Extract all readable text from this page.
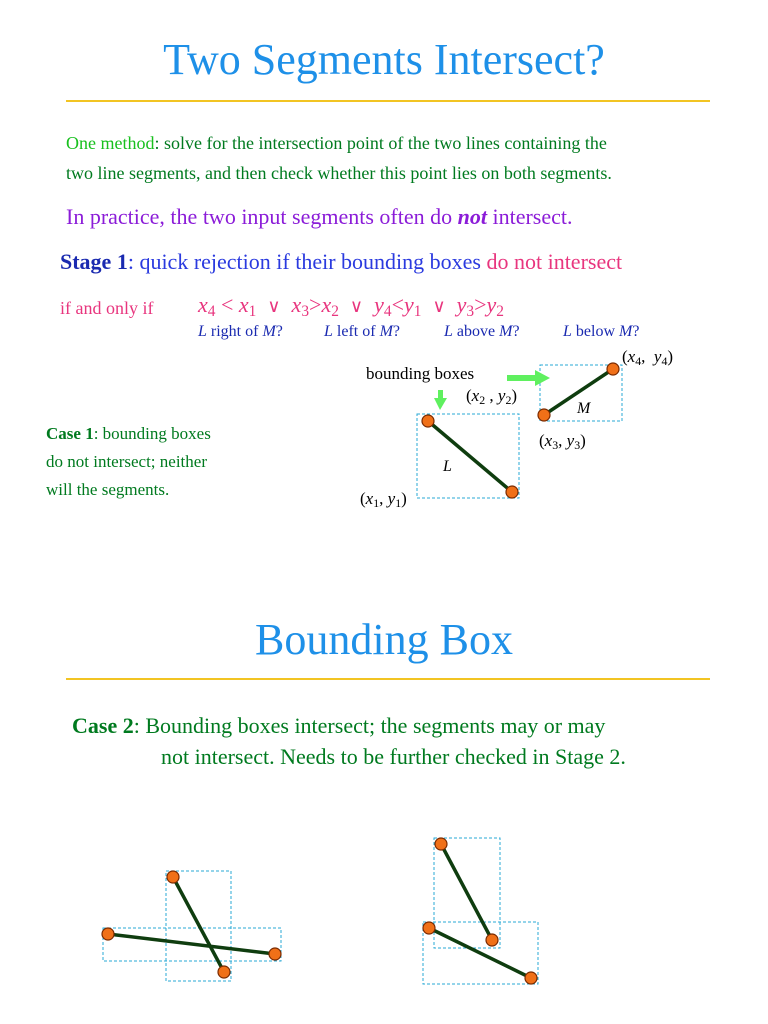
Two Segments Intersect?
One method: solve for the intersection point of the two lines containing the
two line segments, and then check whether this point lies on both segments.
In practice, the two input segments often do not intersect.
Stage 1: quick rejection if their bounding boxes do not intersect
if and only if $x_4 < x_1$ ∨ $x_3>x_2$ ∨ $y_4<y_1$ ∨ $y_3>y_2$
L right of M?	L left of M?	L above M?	L below M?
bounding boxes
($x_4$,  $y_4$)
($x_2$ , $y_2$)
($x_3$, $y_3$)
($x_1$, $y_1$)
M
L
Case 1: bounding boxes
do not intersect; neither
will the segments.
Bounding Box
Case 2: Bounding boxes intersect; the segments may or may
not intersect. Needs to be further checked in Stage 2.
